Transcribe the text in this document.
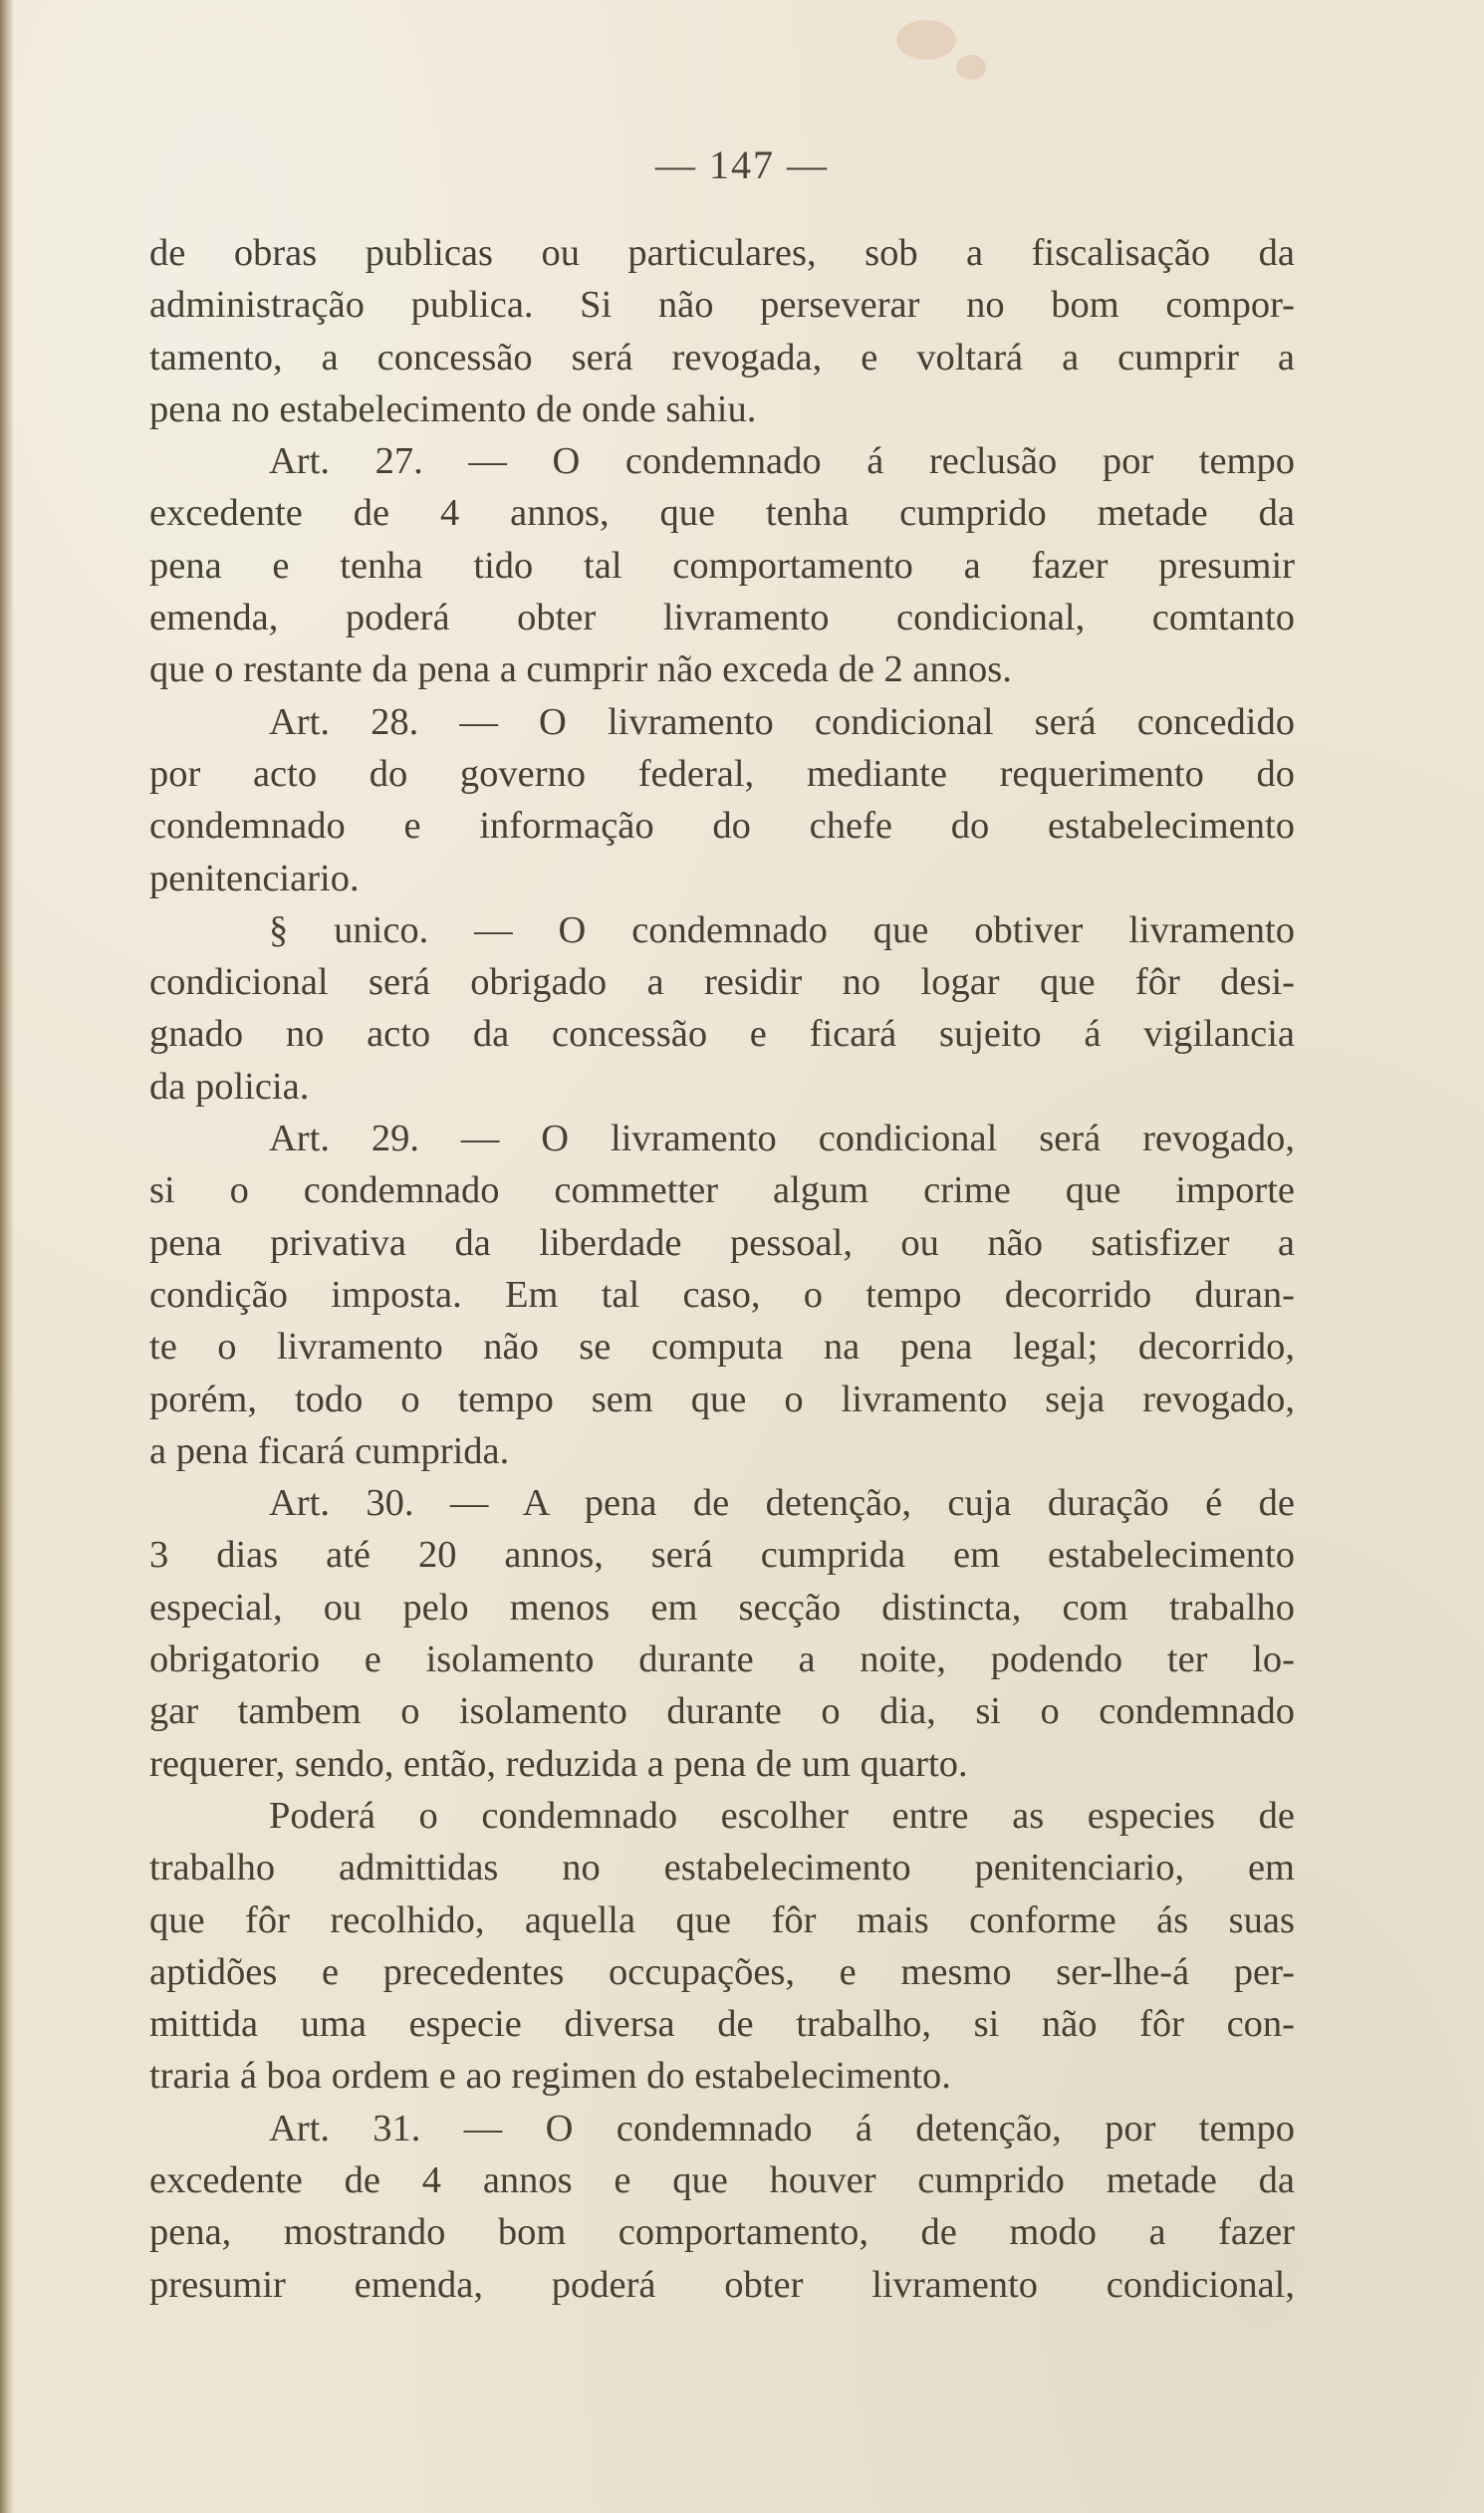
— 147 —
de obras publicas ou particulares, sob a fiscalisação da
administração publica. Si não perseverar no bom compor-
tamento, a concessão será revogada, e voltará a cumprir a
pena no estabelecimento de onde sahiu.
Art. 27. — O condemnado á reclusão por tempo
excedente de 4 annos, que tenha cumprido metade da
pena e tenha tido tal comportamento a fazer presumir
emenda, poderá obter livramento condicional, comtanto
que o restante da pena a cumprir não exceda de 2 annos.
Art. 28. — O livramento condicional será concedido
por acto do governo federal, mediante requerimento do
condemnado e informação do chefe do estabelecimento
penitenciario.
§ unico. — O condemnado que obtiver livramento
condicional será obrigado a residir no logar que fôr desi-
gnado no acto da concessão e ficará sujeito á vigilancia
da policia.
Art. 29. — O livramento condicional será revogado,
si o condemnado commetter algum crime que importe
pena privativa da liberdade pessoal, ou não satisfizer a
condição imposta. Em tal caso, o tempo decorrido duran-
te o livramento não se computa na pena legal; decorrido,
porém, todo o tempo sem que o livramento seja revogado,
a pena ficará cumprida.
Art. 30. — A pena de detenção, cuja duração é de
3 dias até 20 annos, será cumprida em estabelecimento
especial, ou pelo menos em secção distincta, com trabalho
obrigatorio e isolamento durante a noite, podendo ter lo-
gar tambem o isolamento durante o dia, si o condemnado
requerer, sendo, então, reduzida a pena de um quarto.
Poderá o condemnado escolher entre as especies de
trabalho admittidas no estabelecimento penitenciario, em
que fôr recolhido, aquella que fôr mais conforme ás suas
aptidões e precedentes occupações, e mesmo ser-lhe-á per-
mittida uma especie diversa de trabalho, si não fôr con-
traria á boa ordem e ao regimen do estabelecimento.
Art. 31. — O condemnado á detenção, por tempo
excedente de 4 annos e que houver cumprido metade da
pena, mostrando bom comportamento, de modo a fazer
presumir emenda, poderá obter livramento condicional,
